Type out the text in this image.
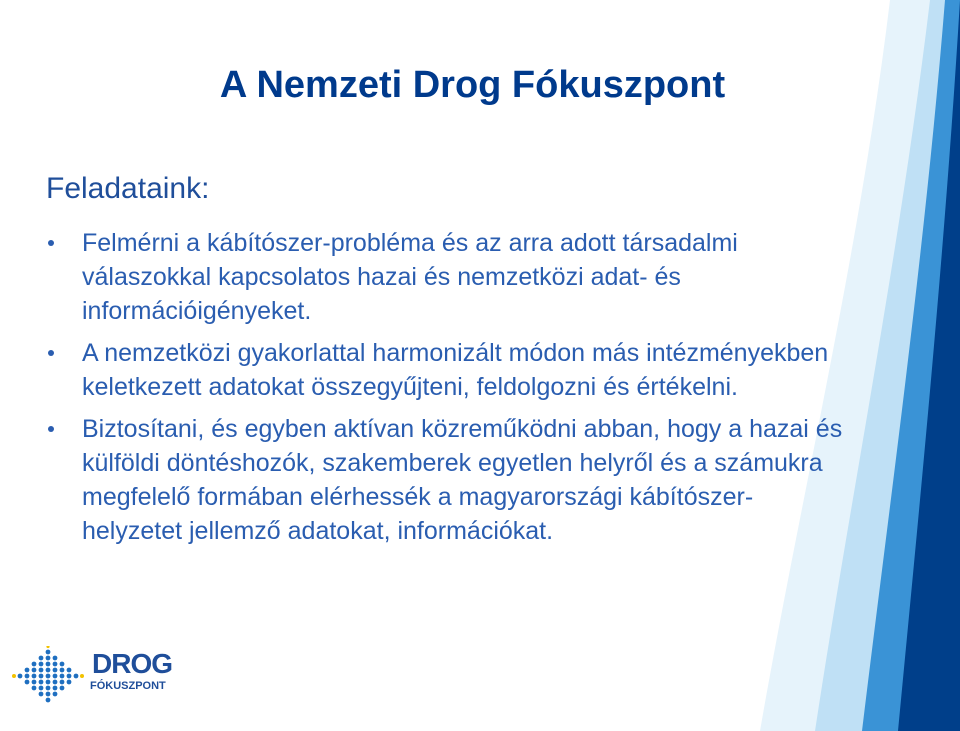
A Nemzeti Drog Fókuszpont
Feladataink:
Felmérni a kábítószer-probléma és az arra adott társadalmi válaszokkal kapcsolatos hazai és nemzetközi adat- és információigényeket.
A nemzetközi gyakorlattal harmonizált módon más intézményekben keletkezett adatokat összegyűjteni, feldolgozni és értékelni.
Biztosítani, és egyben aktívan közreműködni abban, hogy a hazai és külföldi döntéshozók, szakemberek egyetlen helyről és a számukra megfelelő formában elérhessék a magyarországi kábítószer-helyzetet jellemző adatokat, információkat.
DROG
FÓKUSZPONT
